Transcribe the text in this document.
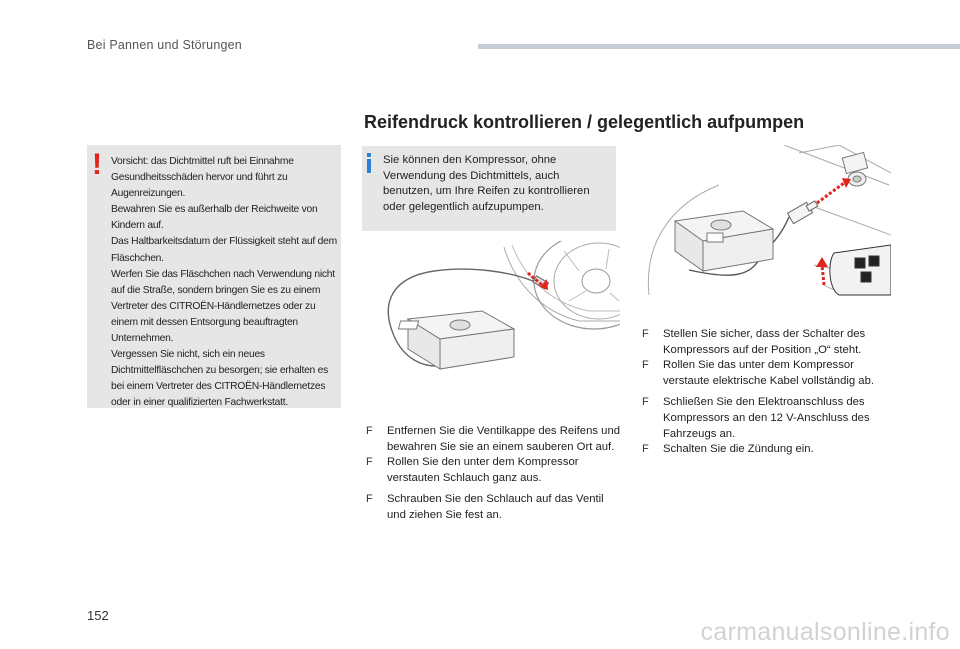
Bei Pannen und Störungen
Reifendruck kontrollieren / gelegentlich aufpumpen
! Vorsicht: das Dichtmittel ruft bei Einnahme Gesundheitsschäden hervor und führt zu Augenreizungen.

Bewahren Sie es außerhalb der Reichweite von Kindern auf.

Das Haltbarkeitsdatum der Flüssigkeit steht auf dem Fläschchen.

Werfen Sie das Fläschchen nach Verwendung nicht auf die Straße, sondern bringen Sie es zu einem Vertreter des CITROËN-Händlernetzes oder zu einem mit dessen Entsorgung beauftragten Unternehmen.

Vergessen Sie nicht, sich ein neues Dichtmittelfläschchen zu besorgen; sie erhalten es bei einem Vertreter des CITROËN-Händlernetzes oder in einer qualifizierten Fachwerkstatt.

Sie können den Kompressor, ohne Verwendung des Dichtmittels, auch benutzen, um Ihre Reifen zu kontrollieren oder gelegentlich aufzupumpen.
F Entfernen Sie die Ventilkappe des Reifens und bewahren Sie sie an einem sauberen Ort auf.
F Rollen Sie den unter dem Kompressor verstauten Schlauch ganz aus.
F Schrauben Sie den Schlauch auf das Ventil und ziehen Sie fest an.
F Stellen Sie sicher, dass der Schalter des Kompressors auf der Position „O“ steht.
F Rollen Sie das unter dem Kompressor verstaute elektrische Kabel vollständig ab.
F Schließen Sie den Elektroanschluss des Kompressors an den 12 V-Anschluss des Fahrzeugs an.
F Schalten Sie die Zündung ein.
152
carmanualsonline.info
